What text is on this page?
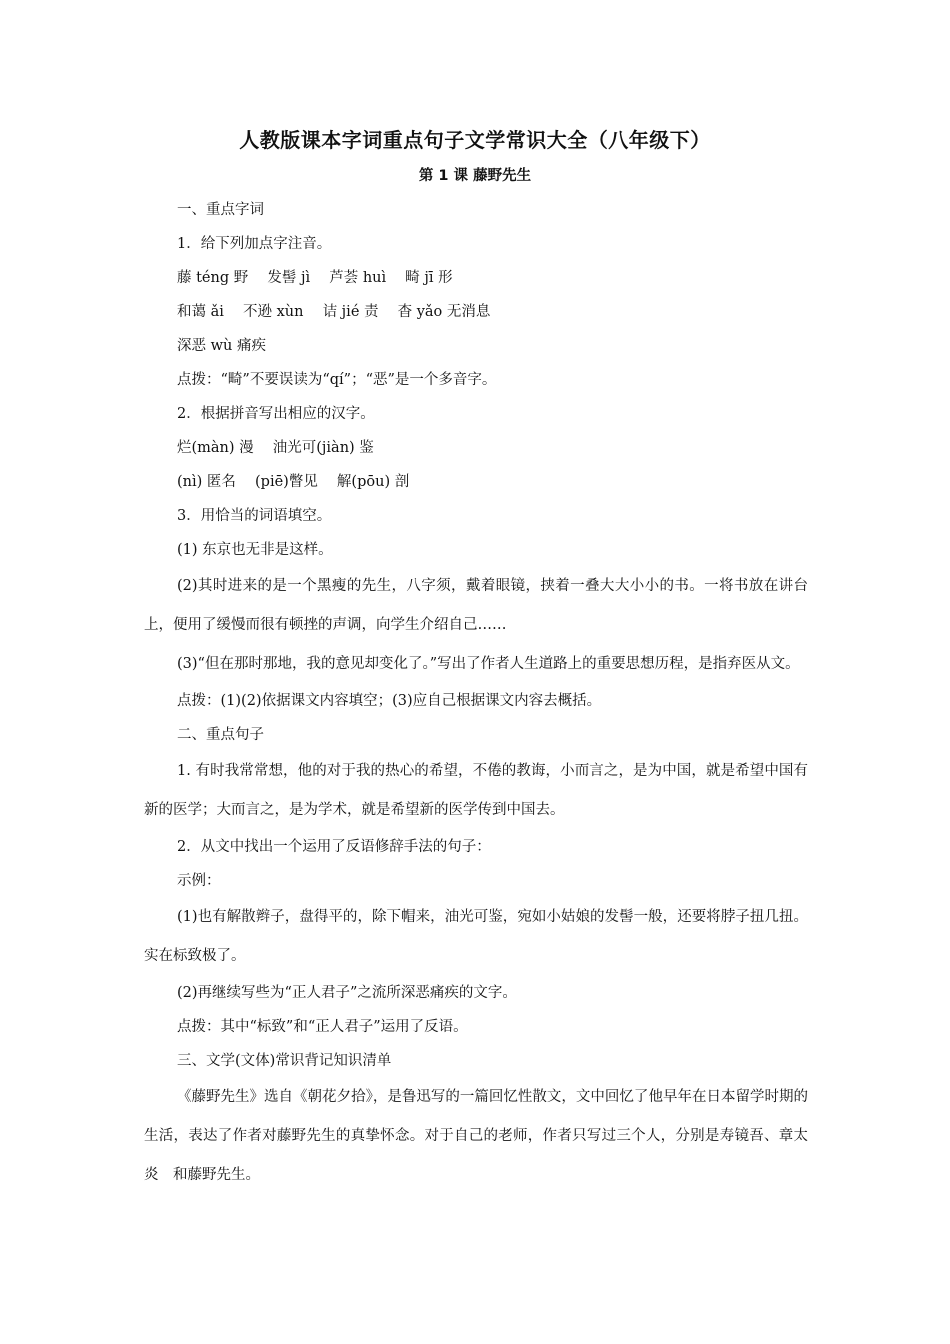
人教版课本字词重点句子文学常识大全（八年级下）
第 1 课 藤野先生

一、重点字词

1．给下列加点字注音。

藤 téng 野　 发髻 jì　 芦荟 huì　 畸 jī 形

和蔼 ǎi　 不逊 xùn　 诘 jié 责　 杳 yǎo 无消息

深恶 wù 痛疾

点拨：“畸”不要误读为“qí”；“恶”是一个多音字。

2．根据拼音写出相应的汉字。

烂(màn) 漫　 油光可(jiàn) 鉴

(nì) 匿名　 (piē)瞥见　 解(pōu) 剖

3．用恰当的词语填空。

(1) 东京也无非是这样。

(2)其时进来的是一个黑瘦的先生，八字须，戴着眼镜，挟着一叠大大小小的书。一将书放在讲台上，便用了缓慢而很有顿挫的声调，向学生介绍自己……

(3)“但在那时那地，我的意见却变化了。”写出了作者人生道路上的重要思想历程，是指弃医从文。

点拨：(1)(2)依据课文内容填空；(3)应自己根据课文内容去概括。

二、重点句子

1. 有时我常常想，他的对于我的热心的希望，不倦的教诲，小而言之，是为中国，就是希望中国有新的医学；大而言之，是为学术，就是希望新的医学传到中国去。

2．从文中找出一个运用了反语修辞手法的句子：

示例：

(1)也有解散辫子，盘得平的，除下帽来，油光可鉴，宛如小姑娘的发髻一般，还要将脖子扭几扭。实在标致极了。

(2)再继续写些为“正人君子”之流所深恶痛疾的文字。

点拨：其中“标致”和“正人君子”运用了反语。

三、文学(文体)常识背记知识清单

《藤野先生》选自《朝花夕拾》，是鲁迅写的一篇回忆性散文，文中回忆了他早年在日本留学时期的生活，表达了作者对藤野先生的真挚怀念。对于自己的老师，作者只写过三个人，分别是寿镜吾、章太炎　和藤野先生。
